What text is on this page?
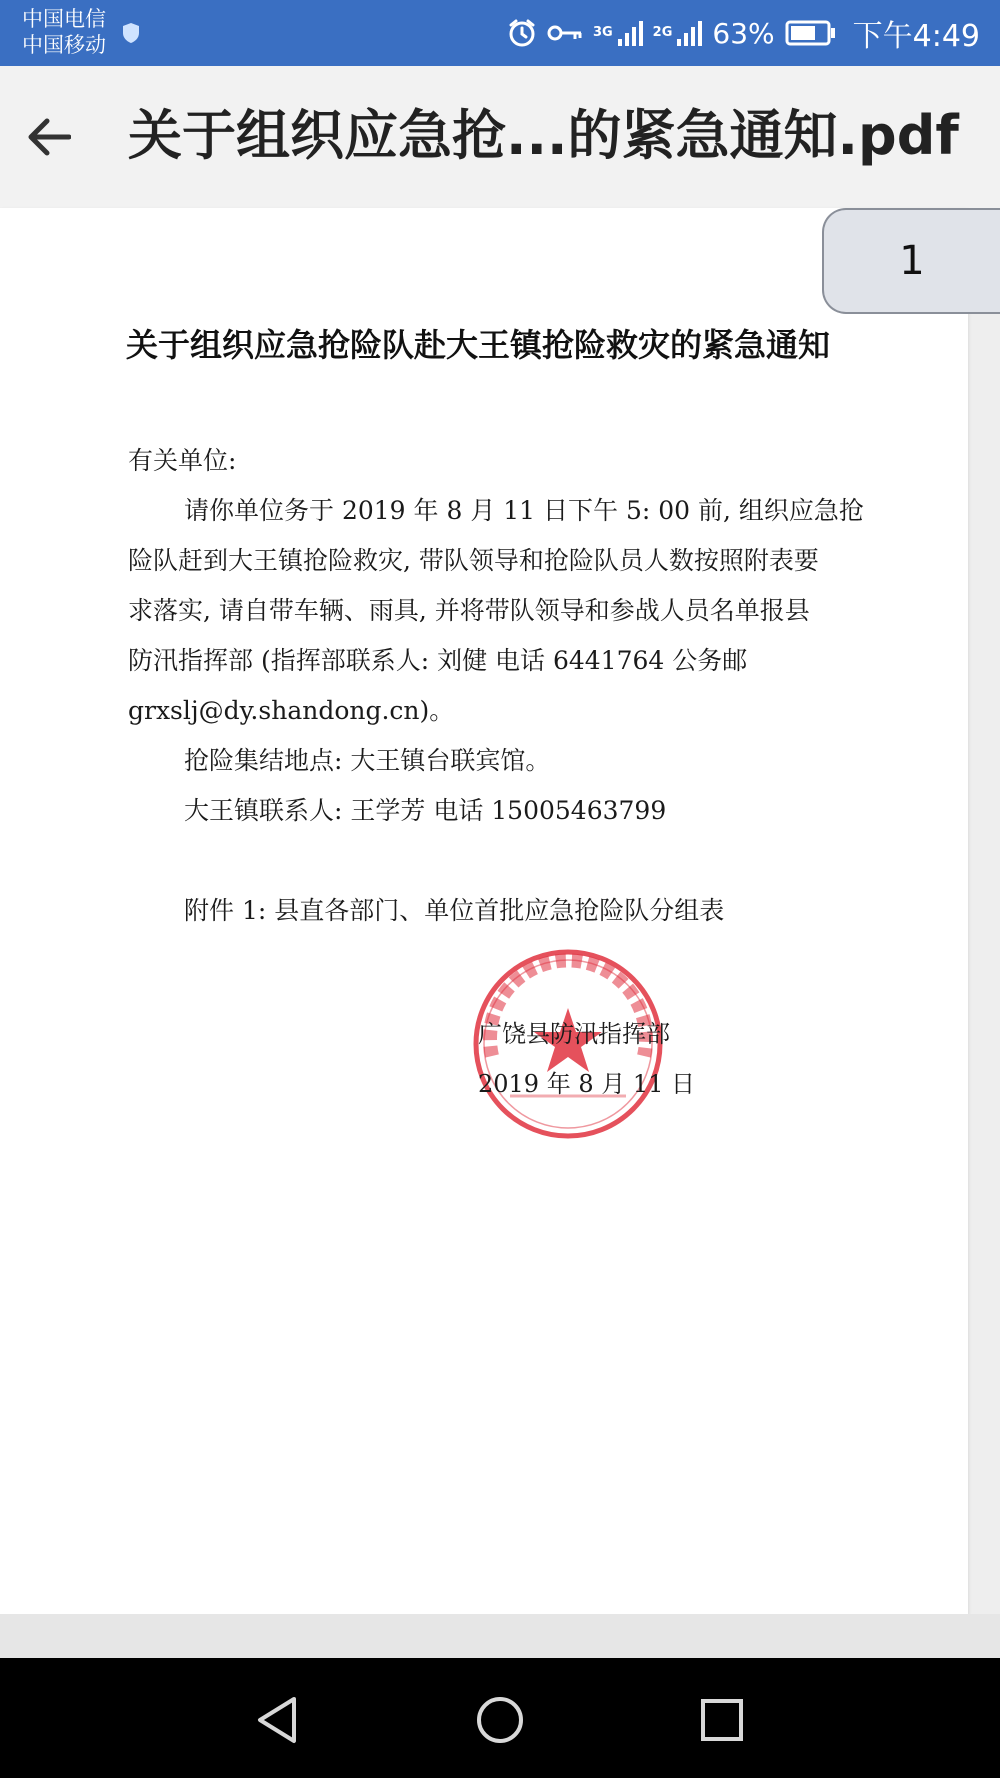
中国电信
中国移动
3G	2G 63%	下午4:49
关于组织应急抢...的紧急通知.pdf
关于组织应急抢险队赴大王镇抢险救灾的紧急通知
有关单位:
请你单位务于 2019 年 8 月 11 日下午 5: 00 前, 组织应急抢
险队赶到大王镇抢险救灾, 带队领导和抢险队员人数按照附表要
求落实, 请自带车辆、雨具, 并将带队领导和参战人员名单报县
防汛指挥部 (指挥部联系人: 刘健 电话 6441764 公务邮
grxslj@dy.shandong.cn)。
抢险集结地点: 大王镇台联宾馆。
大王镇联系人: 王学芳 电话 15005463799
附件 1: 县直各部门、单位首批应急抢险队分组表
广饶县防汛指挥部
2019 年 8 月 11 日
1
